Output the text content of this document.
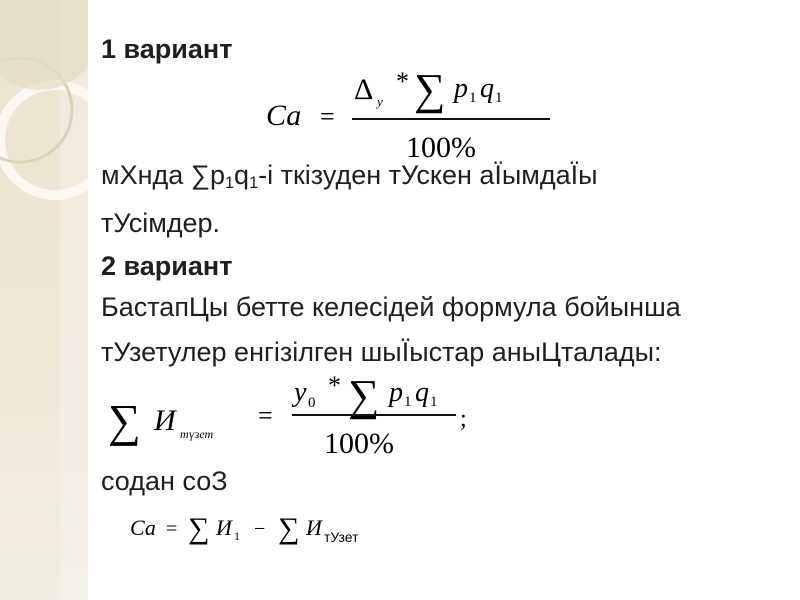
1 вариант
Са =
Δ у
* ∑ p 1 q 1
100%
мХнда $\sum p_1q_1-і$ ткізуден тУскен аЇымдаЇы
тУсімдер.
2 вариант
БастапЦы бетте келесідей формула бойынша
тУзетулер енгізілген шыЇыстар аныЦталады:
∑ И түзет
=
y 0
* ∑ p 1 q 1
100%
;
содан соЗ
Са = ∑ И 1 − ∑ И тУзет
